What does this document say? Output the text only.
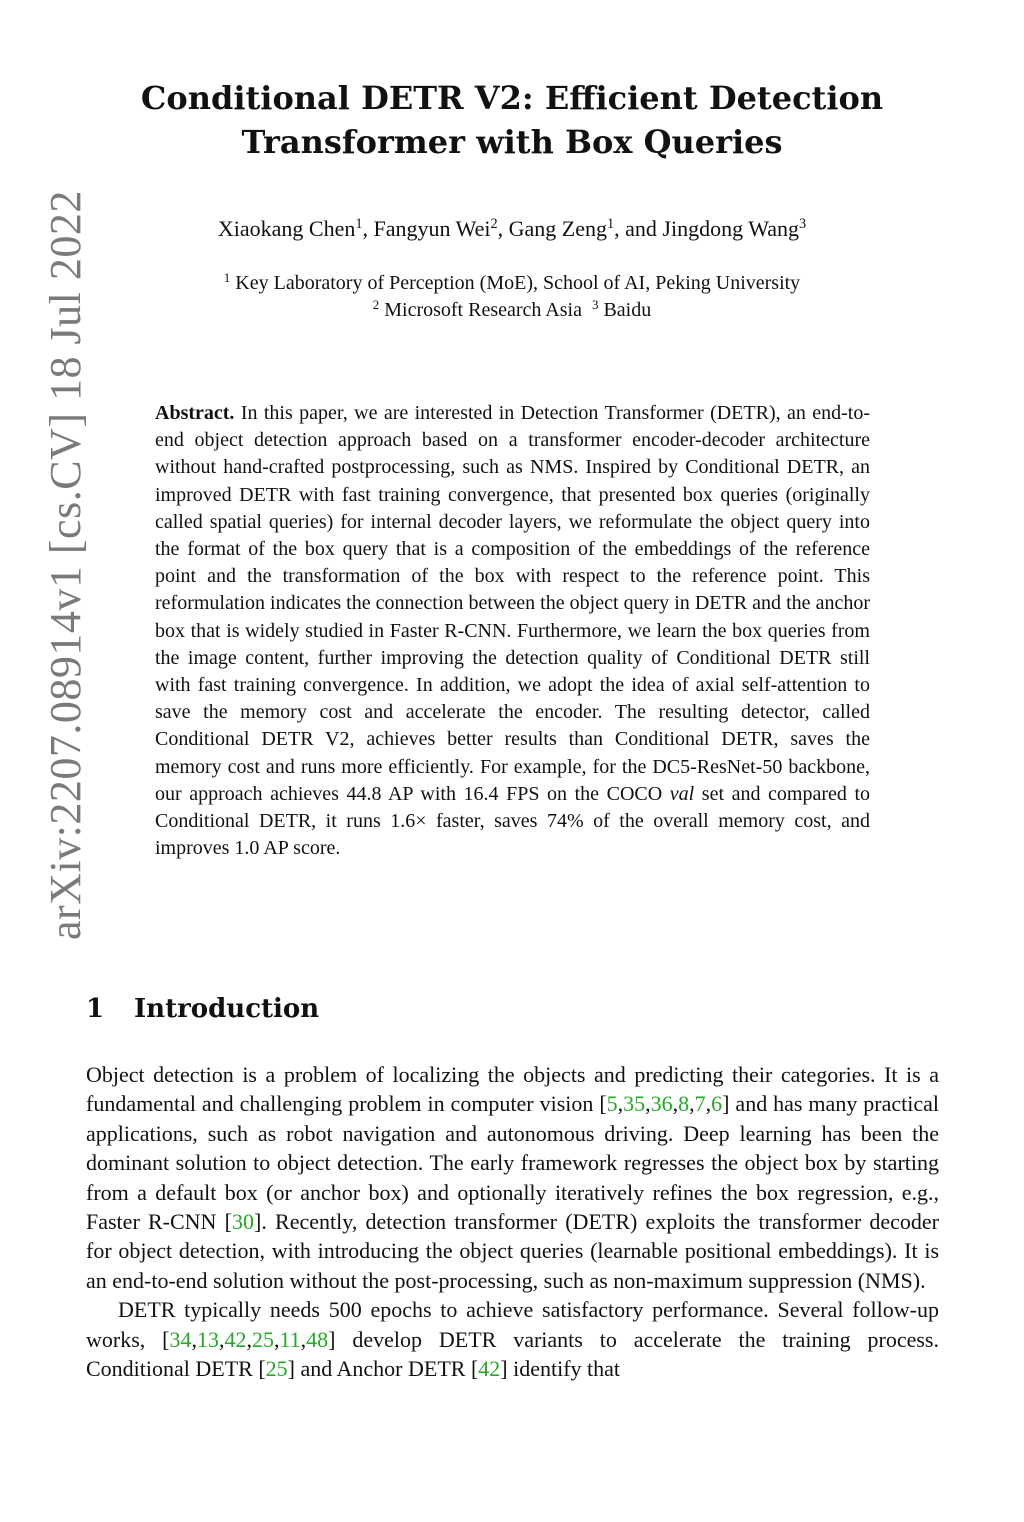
arXiv:2207.08914v1 [cs.CV] 18 Jul 2022
Conditional DETR V2: Efficient Detection
Transformer with Box Queries
Xiaokang Chen$^1$, Fangyun Wei$^2$, Gang Zeng$^1$, and Jingdong Wang$^3$
$^1$ Key Laboratory of Perception (MoE), School of AI, Peking University
$^2$ Microsoft Research Asia $^3$ Baidu
Abstract. In this paper, we are interested in Detection Transformer (DETR), an end-to-end object detection approach based on a transformer encoder-decoder architecture without hand-crafted postprocessing, such as NMS. Inspired by Conditional DETR, an improved DETR with fast training convergence, that presented box queries (originally called spatial queries) for internal decoder layers, we reformulate the object query into the format of the box query that is a composition of the embeddings of the reference point and the transformation of the box with respect to the reference point. This reformulation indicates the connection between the object query in DETR and the anchor box that is widely studied in Faster R-CNN. Furthermore, we learn the box queries from the image content, further improving the detection quality of Conditional DETR still with fast training convergence. In addition, we adopt the idea of axial self-attention to save the memory cost and accelerate the encoder. The resulting detector, called Conditional DETR V2, achieves better results than Conditional DETR, saves the memory cost and runs more efficiently. For example, for the DC5-ResNet-50 backbone, our approach achieves 44.8 AP with 16.4 FPS on the COCO val set and compared to Conditional DETR, it runs 1.6× faster, saves 74% of the overall memory cost, and improves 1.0 AP score.
1 Introduction

Object detection is a problem of localizing the objects and predicting their categories. It is a fundamental and challenging problem in computer vision [5,35,36,8,7,6] and has many practical applications, such as robot navigation and autonomous driving. Deep learning has been the dominant solution to object detection. The early framework regresses the object box by starting from a default box (or anchor box) and optionally iteratively refines the box regression, e.g., Faster R-CNN [30]. Recently, detection transformer (DETR) exploits the transformer decoder for object detection, with introducing the object queries (learnable positional embeddings). It is an end-to-end solution without the post-processing, such as non-maximum suppression (NMS).

DETR typically needs 500 epochs to achieve satisfactory performance. Several follow-up works, [34,13,42,25,11,48] develop DETR variants to accelerate the training process. Conditional DETR [25] and Anchor DETR [42] identify that
